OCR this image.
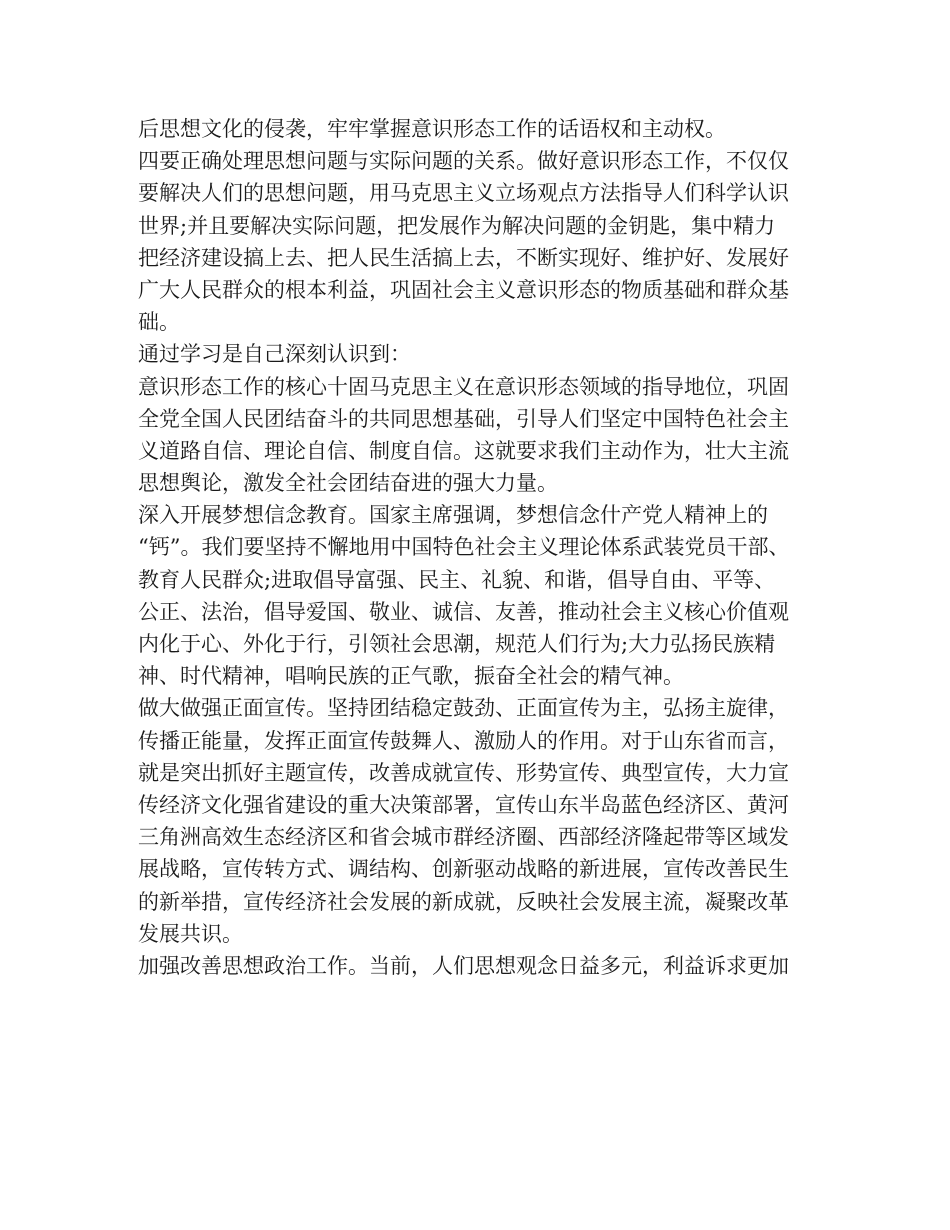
后思想文化的侵袭，牢牢掌握意识形态工作的话语权和主动权。
四要正确处理思想问题与实际问题的关系。做好意识形态工作，不仅仅
要解决人们的思想问题，用马克思主义立场观点方法指导人们科学认识
世界;并且要解决实际问题，把发展作为解决问题的金钥匙，集中精力
把经济建设搞上去、把人民生活搞上去，不断实现好、维护好、发展好
广大人民群众的根本利益，巩固社会主义意识形态的物质基础和群众基
础。
通过学习是自己深刻认识到：
意识形态工作的核心十固马克思主义在意识形态领域的指导地位，巩固
全党全国人民团结奋斗的共同思想基础，引导人们坚定中国特色社会主
义道路自信、理论自信、制度自信。这就要求我们主动作为，壮大主流
思想舆论，激发全社会团结奋进的强大力量。
深入开展梦想信念教育。国家主席强调，梦想信念什产党人精神上的
“钙”。我们要坚持不懈地用中国特色社会主义理论体系武装党员干部、
教育人民群众;进取倡导富强、民主、礼貌、和谐，倡导自由、平等、
公正、法治，倡导爱国、敬业、诚信、友善，推动社会主义核心价值观
内化于心、外化于行，引领社会思潮，规范人们行为;大力弘扬民族精
神、时代精神，唱响民族的正气歌，振奋全社会的精气神。
做大做强正面宣传。坚持团结稳定鼓劲、正面宣传为主，弘扬主旋律，
传播正能量，发挥正面宣传鼓舞人、激励人的作用。对于山东省而言，
就是突出抓好主题宣传，改善成就宣传、形势宣传、典型宣传，大力宣
传经济文化强省建设的重大决策部署，宣传山东半岛蓝色经济区、黄河
三角洲高效生态经济区和省会城市群经济圈、西部经济隆起带等区域发
展战略，宣传转方式、调结构、创新驱动战略的新进展，宣传改善民生
的新举措，宣传经济社会发展的新成就，反映社会发展主流，凝聚改革
发展共识。
加强改善思想政治工作。当前，人们思想观念日益多元，利益诉求更加
